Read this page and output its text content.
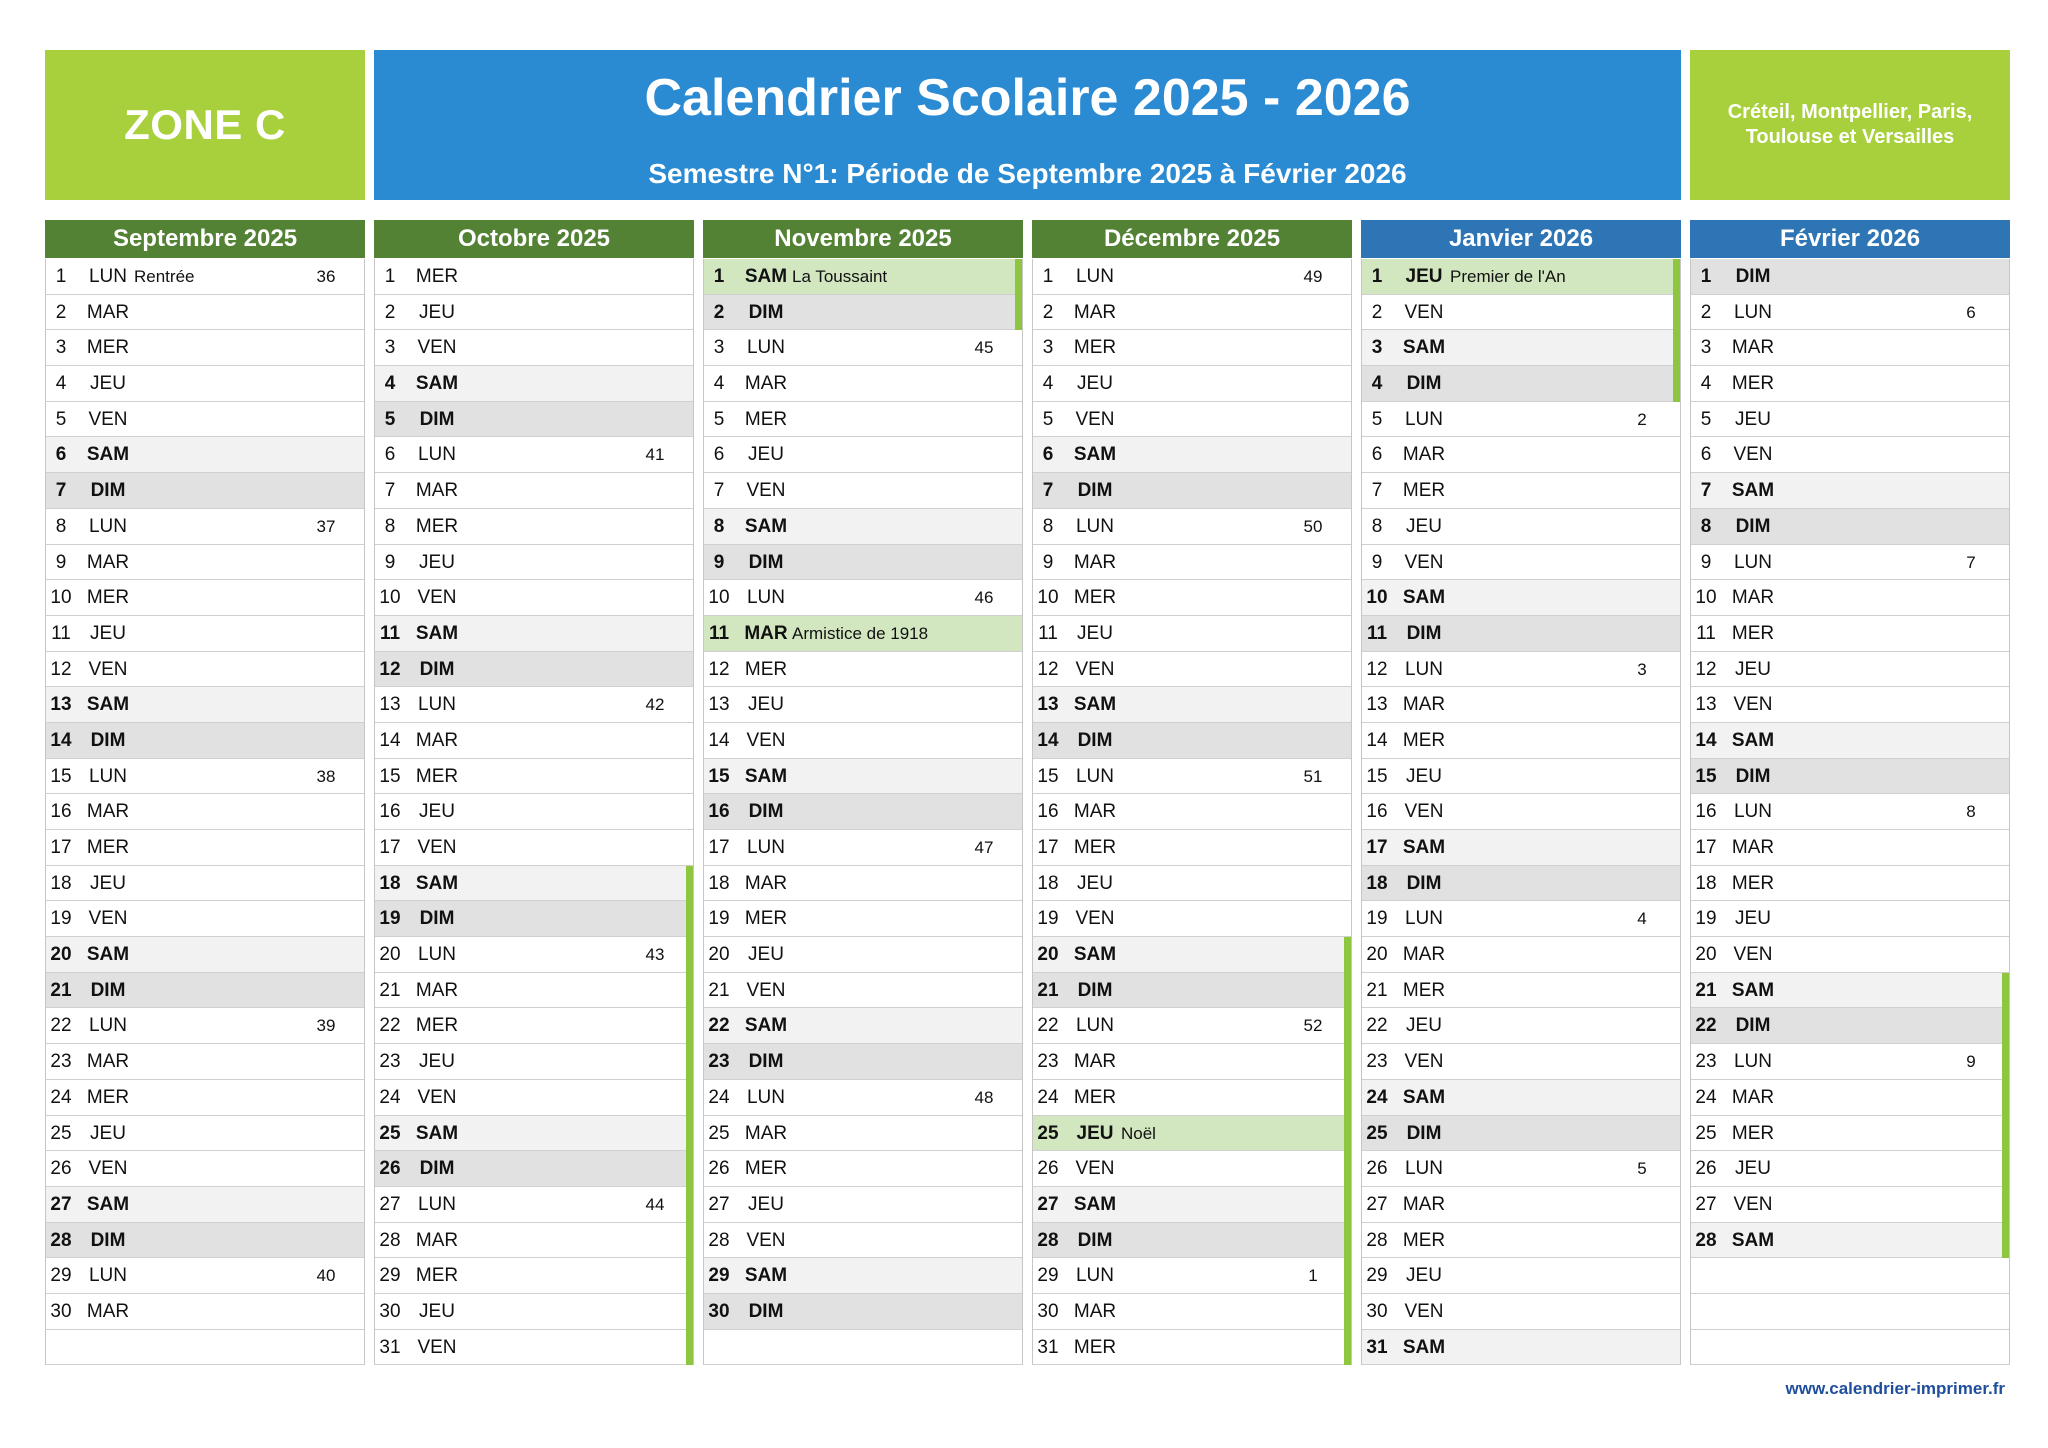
ZONE C	Calendrier Scolaire 2025 - 2026
Semestre N°1: Période de Septembre 2025 à Février 2026
Créteil, Montpellier, Paris, Toulouse et Versailles
Septembre 2025
1	LUN Rentrée	36
2	MAR
3	MER
4	JEU
5	VEN
6	SAM
7	DIM
8	LUN	37
9	MAR
10 MER
11 JEU
12 VEN
13 SAM
14 DIM
15 LUN	38
16 MAR
17 MER
18 JEU
19 VEN
20 SAM
21 DIM
22 LUN	39
23 MAR
24 MER
25 JEU
26 VEN
27 SAM
28 DIM
29 LUN	40
30 MAR
Octobre 2025
1	MER
2	JEU
3	VEN
4	SAM
5	DIM
6	LUN	41
7	MAR
8	MER
9	JEU
10 VEN
11 SAM
12 DIM
13 LUN	42
14 MAR
15 MER
16 JEU
17 VEN
18 SAM
19 DIM
20 LUN	43
21 MAR
22 MER
23 JEU
24 VEN
25 SAM
26 DIM
27 LUN	44
28 MAR
29 MER
30 JEU
31 VEN
Novembre 2025
1	SAM La Toussaint
2	DIM
3	LUN	45
4	MAR
5	MER
6	JEU
7	VEN
8	SAM
9	DIM
10 LUN	46
11 MAR Armistice de 1918
12 MER
13 JEU
14 VEN
15 SAM
16 DIM
17 LUN	47
18 MAR
19 MER
20 JEU
21 VEN
22 SAM
23 DIM
24 LUN	48
25 MAR
26 MER
27 JEU
28 VEN
29 SAM
30 DIM
Décembre 2025
1	LUN	49
2	MAR
3	MER
4	JEU
5	VEN
6	SAM
7	DIM
8	LUN	50
9	MAR
10 MER
11 JEU
12 VEN
13 SAM
14 DIM
15 LUN	51
16 MAR
17 MER
18 JEU
19 VEN
20 SAM
21 DIM
22 LUN	52
23 MAR
24 MER
25 JEU Noël
26 VEN
27 SAM
28 DIM
29 LUN	1
30 MAR
31 MER
Janvier 2026
1	JEU Premier de l'An
2	VEN
3	SAM
4	DIM
5	LUN	2
6	MAR
7	MER
8	JEU
9	VEN
10 SAM
11 DIM
12 LUN	3
13 MAR
14 MER
15 JEU
16 VEN
17 SAM
18 DIM
19 LUN	4
20 MAR
21 MER
22 JEU
23 VEN
24 SAM
25 DIM
26 LUN	5
27 MAR
28 MER
29 JEU
30 VEN
31 SAM
Février 2026
1	DIM
2	LUN	6
3	MAR
4	MER
5	JEU
6	VEN
7	SAM
8	DIM
9	LUN	7
10 MAR
11 MER
12 JEU
13 VEN
14 SAM
15 DIM
16 LUN	8
17 MAR
18 MER
19 JEU
20 VEN
21 SAM
22 DIM
23 LUN	9
24 MAR
25 MER
26 JEU
27 VEN
28 SAM
www.calendrier-imprimer.fr
